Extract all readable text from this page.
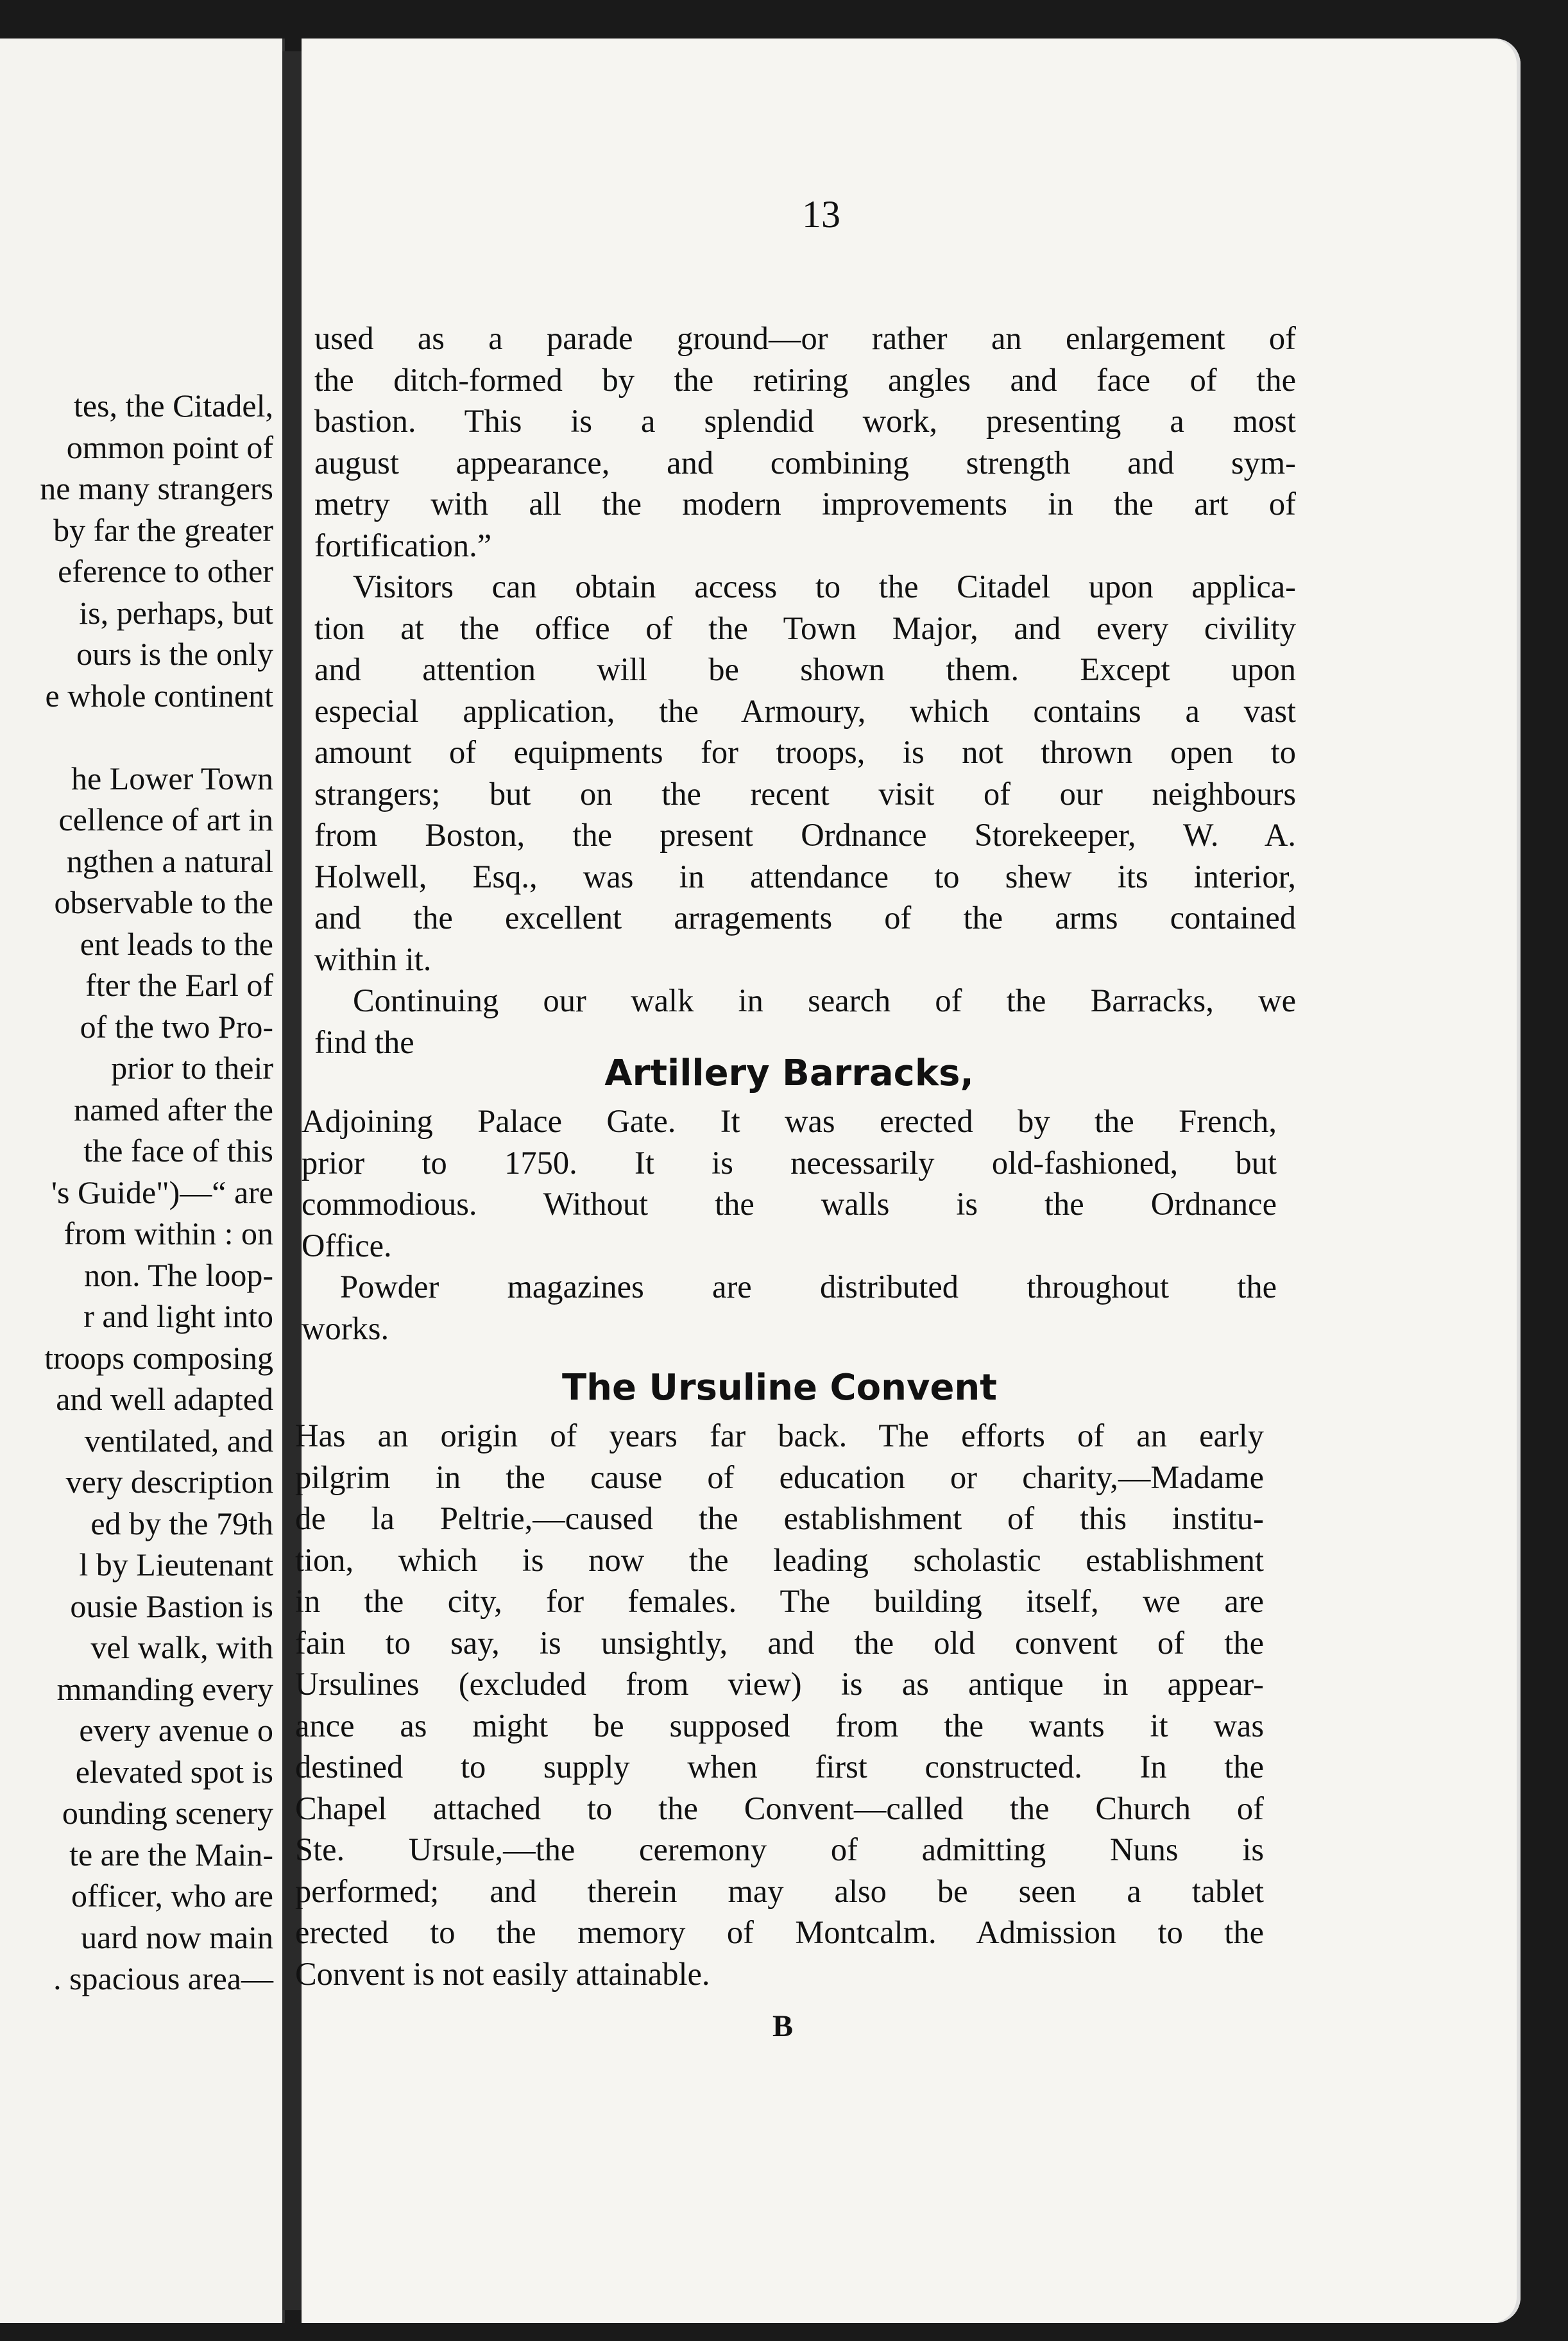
tes, the Citadel,
ommon point of
ne many strangers
by far the greater
eference to other
is, perhaps, but
ours is the only
e whole continent
he Lower Town
cellence of art in
ngthen a natural
observable to the
ent leads to the
fter the Earl of
of the two Pro-
prior to their
named after the
the face of this
's Guide")—“ are
from within : on
non. The loop-
r and light into
troops composing
and well adapted
ventilated, and
very description
ed by the 79th
l by Lieutenant
ousie Bastion is
vel walk, with
mmanding every
every avenue o
elevated spot is
ounding scenery
te are the Main-
officer, who are
uard now main
. spacious area—
13
used as a parade ground—or rather an enlargement of
the ditch-formed by the retiring angles and face of the
bastion. This is a splendid work, presenting a most
august appearance, and combining strength and sym-
metry with all the modern improvements in the art of
fortification.”
Visitors can obtain access to the Citadel upon applica-
tion at the office of the Town Major, and every civility
and attention will be shown them. Except upon
especial application, the Armoury, which contains a vast
amount of equipments for troops, is not thrown open to
strangers; but on the recent visit of our neighbours
from Boston, the present Ordnance Storekeeper, W. A.
Holwell, Esq., was in attendance to shew its interior,
and the excellent arragements of the arms contained
within it.
Continuing our walk in search of the Barracks, we
find the
Artillery Barracks,
Adjoining Palace Gate. It was erected by the French,
prior to 1750. It is necessarily old-fashioned, but
commodious. Without the walls is the Ordnance
Office.
Powder magazines are distributed throughout the
works.
The Ursuline Convent
Has an origin of years far back. The efforts of an early
pilgrim in the cause of education or charity,—Madame
de la Peltrie,—caused the establishment of this institu-
tion, which is now the leading scholastic establishment
in the city, for females. The building itself, we are
fain to say, is unsightly, and the old convent of the
Ursulines (excluded from view) is as antique in appear-
ance as might be supposed from the wants it was
destined to supply when first constructed. In the
Chapel attached to the Convent—called the Church of
Ste. Ursule,—the ceremony of admitting Nuns is
performed; and therein may also be seen a tablet
erected to the memory of Montcalm. Admission to the
Convent is not easily attainable.
B
